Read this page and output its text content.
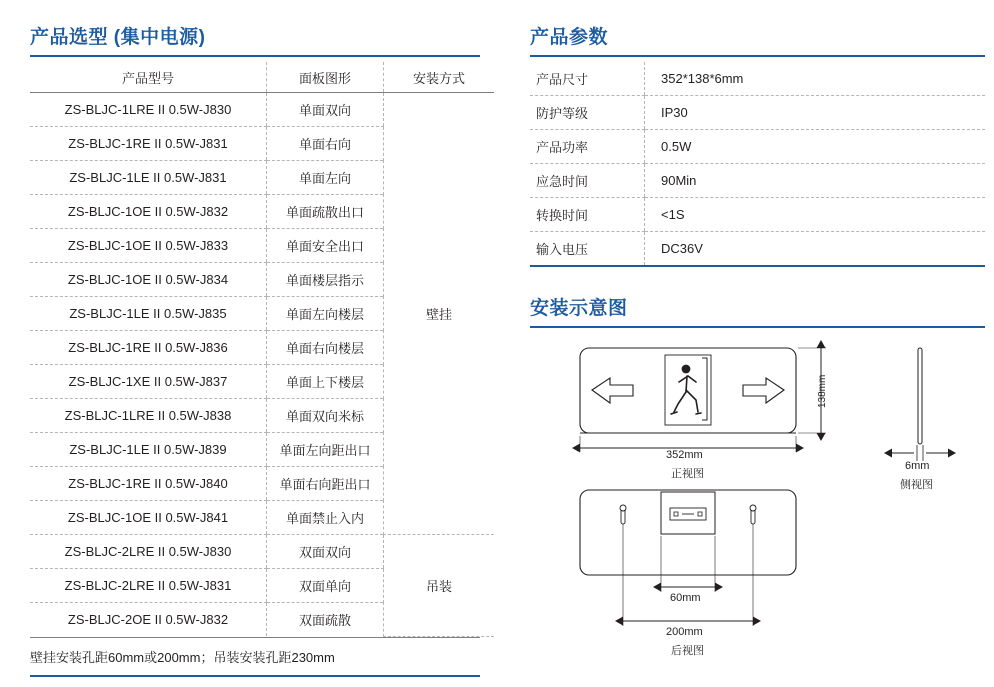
产品选型 (集中电源)
产品型号	面板图形	安装方式
ZS-BLJC-1LRE II 0.5W-J830	单面双向	壁挂
ZS-BLJC-1RE II 0.5W-J831	单面右向	
ZS-BLJC-1LE II 0.5W-J831	单面左向	
ZS-BLJC-1OE II 0.5W-J832	单面疏散出口	
ZS-BLJC-1OE II 0.5W-J833	单面安全出口	
ZS-BLJC-1OE II 0.5W-J834	单面楼层指示	
ZS-BLJC-1LE II 0.5W-J835	单面左向楼层	
ZS-BLJC-1RE II 0.5W-J836	单面右向楼层	
ZS-BLJC-1XE II 0.5W-J837	单面上下楼层	
ZS-BLJC-1LRE II 0.5W-J838	单面双向米标	
ZS-BLJC-1LE II 0.5W-J839	单面左向距出口	
ZS-BLJC-1RE II 0.5W-J840	单面右向距出口	
ZS-BLJC-1OE II 0.5W-J841	单面禁止入内	
ZS-BLJC-2LRE II 0.5W-J830	双面双向	吊装
ZS-BLJC-2LRE II 0.5W-J831	双面单向	
ZS-BLJC-2OE II 0.5W-J832	双面疏散	
壁挂安装孔距60mm或200mm；吊装安装孔距230mm
产品参数
产品尺寸	352*138*6mm
防护等级	IP30
产品功率	0.5W
应急时间	90Min
转换时间	<1S
输入电压	DC36V
安装示意图
352mm
正视图
138mm
6mm
侧视图
60mm
200mm
后视图
